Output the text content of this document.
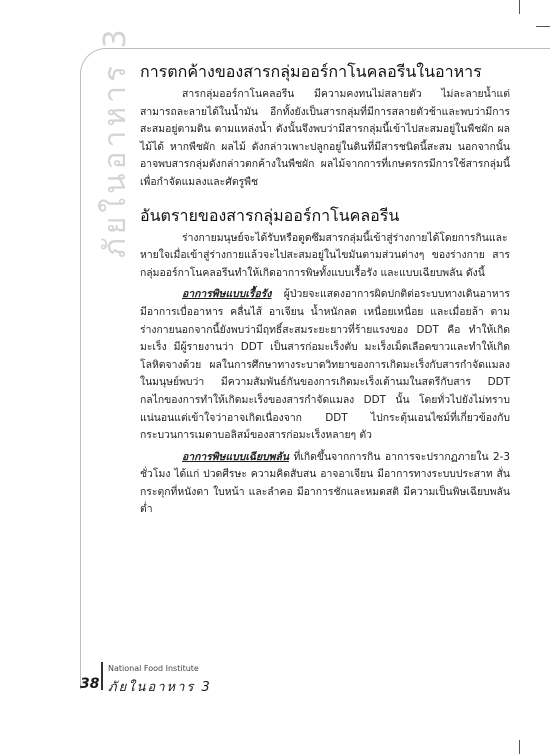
ภัยในอาหาร 3 การตกค้างของสารกลุ่มออร์กาโนคลอรีนในอาหาร

สารกลุ่มออร์กาโนคลอรีน มีความคงทนไม่สลายตัว ไม่ละลายน้ำแต่สามารถละลายได้ในน้ำมัน อีกทั้งยังเป็นสารกลุ่มที่มีการสลายตัวช้าและพบว่ามีการสะสมอยู่ตามดิน ตามแหล่งน้ำ ดังนั้นจึงพบว่ามีสารกลุ่มนี้เข้าไปสะสมอยู่ในพืชผัก ผลไม้ได้ หากพืชผัก ผลไม้ ดังกล่าวเพาะปลูกอยู่ในดินที่มีสารชนิดนี้สะสม นอกจากนั้นอาจพบสารกลุ่มดังกล่าวตกค้างในพืชผัก ผลไม้จากการที่เกษตรกรมีการใช้สารกลุ่มนี้เพื่อกำจัดแมลงและศัตรูพืช

อันตรายของสารกลุ่มออร์กาโนคลอรีน

ร่างกายมนุษย์จะได้รับหรือดูดซึมสารกลุ่มนี้เข้าสู่ร่างกายได้โดยการกินและหายใจเมื่อเข้าสู่ร่างกายแล้วจะไปสะสมอยู่ในไขมันตามส่วนต่างๆ ของร่างกาย สารกลุ่มออร์กาโนคลอรีนทำให้เกิดอาการพิษทั้งแบบเรื้อรัง และแบบเฉียบพลัน ดังนี้

อาการพิษแบบเรื้อรัง ผู้ป่วยจะแสดงอาการผิดปกติต่อระบบทางเดินอาหาร มีอาการเบื่ออาหาร คลื่นไส้ อาเจียน น้ำหนักลด เหนื่อยเหนื่อย และเมื่อยล้า ตามร่างกายนอกจากนี้ยังพบว่ามีฤทธิ์สะสมระยะยาวที่ร้ายแรงของ DDT คือ ทำให้เกิดมะเร็ง มีผู้รายงานว่า DDT เป็นสารก่อมะเร็งตับ มะเร็งเม็ดเลือดขาวและทำให้เกิดโลหิตจางด้วย ผลในการศึกษาทางระบาดวิทยาของการเกิดมะเร็งกับสารกำจัดแมลงในมนุษย์พบว่า มีความสัมพันธ์กันของการเกิดมะเร็งเต้านมในสตรีกับสาร DDT กลไกของการทำให้เกิดมะเร็งของสารกำจัดแมลง DDT นั้น โดยทั่วไปยังไม่ทราบแน่นอนแต่เข้าใจว่าอาจเกิดเนื่องจาก DDT ไปกระตุ้นเอนไซม์ที่เกี่ยวข้องกับกระบวนการเมตาบอลิสม์ของสารก่อมะเร็งหลายๆ ตัว

อาการพิษแบบเฉียบพลัน ที่เกิดขึ้นจากการกิน อาการจะปรากฏภายใน 2-3 ชั่วโมง ได้แก่ ปวดศีรษะ ความคิดสับสน อาจอาเจียน มีอาการทางระบบประสาท สั่นกระตุกที่หนังตา ใบหน้า และลำคอ มีอาการชักและหมดสติ มีความเป็นพิษเฉียบพลันต่ำ

38
National Food Institute
ภัยในอาหาร 3
